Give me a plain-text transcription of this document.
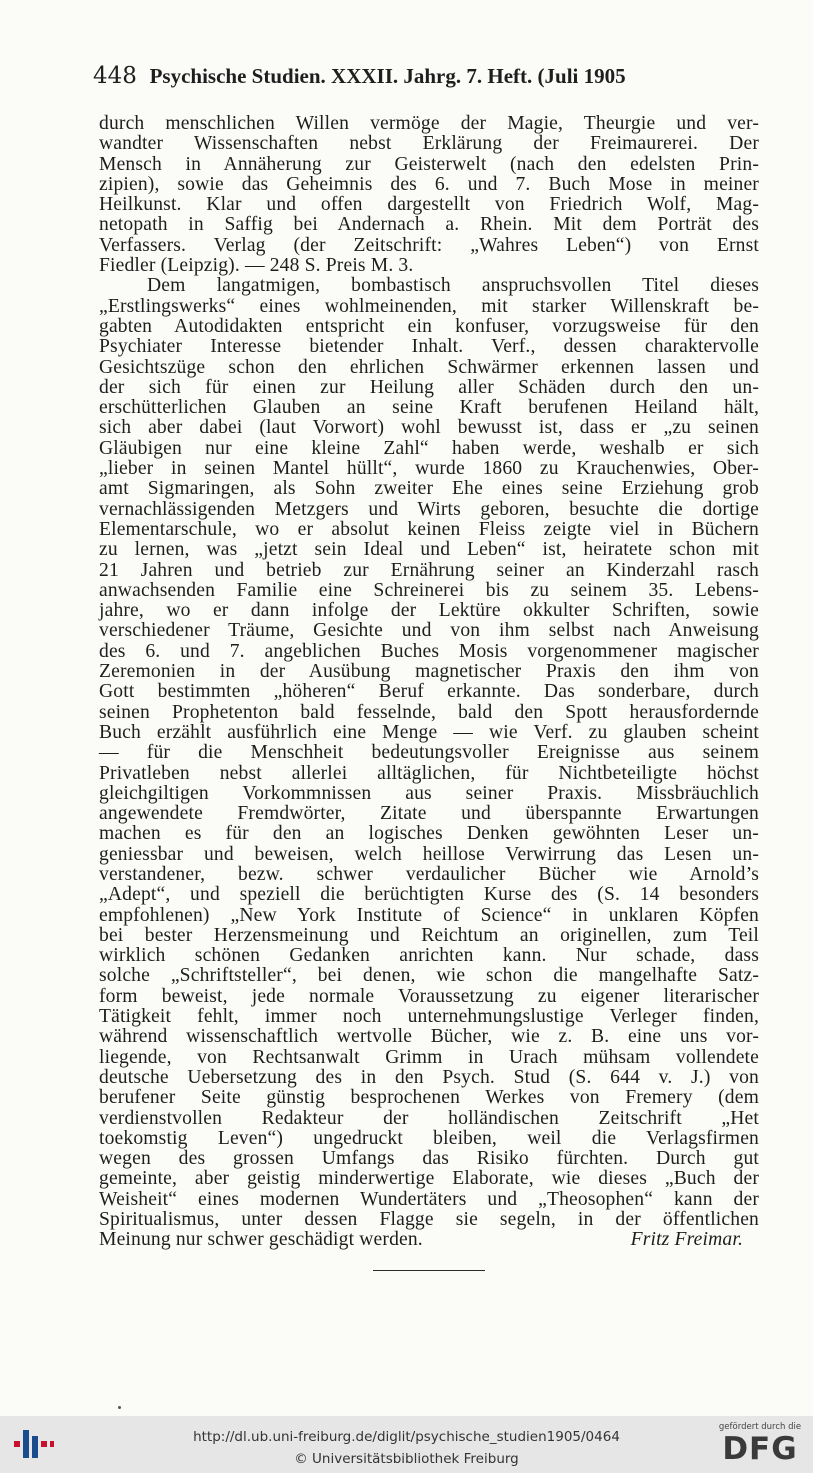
448 Psychische Studien. XXXII. Jahrg. 7. Heft. (Juli 1905

durch menschlichen Willen vermöge der Magie, Theurgie und ver-

wandter Wissenschaften nebst Erklärung der Freimaurerei. Der

Mensch in Annäherung zur Geisterwelt (nach den edelsten Prin-

zipien), sowie das Geheimnis des 6. und 7. Buch Mose in meiner

Heilkunst. Klar und offen dargestellt von Friedrich Wolf, Mag-

netopath in Saffig bei Andernach a. Rhein. Mit dem Porträt des

Verfassers. Verlag (der Zeitschrift: „Wahres Leben“) von Ernst

Fiedler (Leipzig). — 248 S. Preis M. 3.

Dem langatmigen, bombastisch anspruchsvollen Titel dieses

„Erstlingswerks“ eines wohlmeinenden, mit starker Willenskraft be-

gabten Autodidakten entspricht ein konfuser, vorzugsweise für den

Psychiater Interesse bietender Inhalt. Verf., dessen charaktervolle

Gesichtszüge schon den ehrlichen Schwärmer erkennen lassen und

der sich für einen zur Heilung aller Schäden durch den un-

erschütterlichen Glauben an seine Kraft berufenen Heiland hält,

sich aber dabei (laut Vorwort) wohl bewusst ist, dass er „zu seinen

Gläubigen nur eine kleine Zahl“ haben werde, weshalb er sich

„lieber in seinen Mantel hüllt“, wurde 1860 zu Krauchenwies, Ober-

amt Sigmaringen, als Sohn zweiter Ehe eines seine Erziehung grob

vernachlässigenden Metzgers und Wirts geboren, besuchte die dortige

Elementarschule, wo er absolut keinen Fleiss zeigte viel in Büchern

zu lernen, was „jetzt sein Ideal und Leben“ ist, heiratete schon mit

21 Jahren und betrieb zur Ernährung seiner an Kinderzahl rasch

anwachsenden Familie eine Schreinerei bis zu seinem 35. Lebens-

jahre, wo er dann infolge der Lektüre okkulter Schriften, sowie

verschiedener Träume, Gesichte und von ihm selbst nach Anweisung

des 6. und 7. angeblichen Buches Mosis vorgenommener magischer

Zeremonien in der Ausübung magnetischer Praxis den ihm von

Gott bestimmten „höheren“ Beruf erkannte. Das sonderbare, durch

seinen Prophetenton bald fesselnde, bald den Spott herausfordernde

Buch erzählt ausführlich eine Menge — wie Verf. zu glauben scheint

— für die Menschheit bedeutungsvoller Ereignisse aus seinem

Privatleben nebst allerlei alltäglichen, für Nichtbeteiligte höchst

gleichgiltigen Vorkommnissen aus seiner Praxis. Missbräuchlich

angewendete Fremdwörter, Zitate und überspannte Erwartungen

machen es für den an logisches Denken gewöhnten Leser un-

geniessbar und beweisen, welch heillose Verwirrung das Lesen un-

verstandener, bezw. schwer verdaulicher Bücher wie Arnold’s

„Adept“, und speziell die berüchtigten Kurse des (S. 14 besonders

empfohlenen) „New York Institute of Science“ in unklaren Köpfen

bei bester Herzensmeinung und Reichtum an originellen, zum Teil

wirklich schönen Gedanken anrichten kann. Nur schade, dass

solche „Schriftsteller“, bei denen, wie schon die mangelhafte Satz-

form beweist, jede normale Voraussetzung zu eigener literarischer

Tätigkeit fehlt, immer noch unternehmungslustige Verleger finden,

während wissenschaftlich wertvolle Bücher, wie z. B. eine uns vor-

liegende, von Rechtsanwalt Grimm in Urach mühsam vollendete

deutsche Uebersetzung des in den Psych. Stud (S. 644 v. J.) von

berufener Seite günstig besprochenen Werkes von Fremery (dem

verdienstvollen Redakteur der holländischen Zeitschrift „Het

toekomstig Leven“) ungedruckt bleiben, weil die Verlagsfirmen

wegen des grossen Umfangs das Risiko fürchten. Durch gut

gemeinte, aber geistig minderwertige Elaborate, wie dieses „Buch der

Weisheit“ eines modernen Wundertäters und „Theosophen“ kann der

Spiritualismus, unter dessen Flagge sie segeln, in der öffentlichen

Meinung nur schwer geschädigt werden.	Fritz Freimar.
http://dl.ub.uni-freiburg.de/diglit/psychische_studien1905/0464
© Universitätsbibliothek Freiburg
gefördert durch die
DFG
